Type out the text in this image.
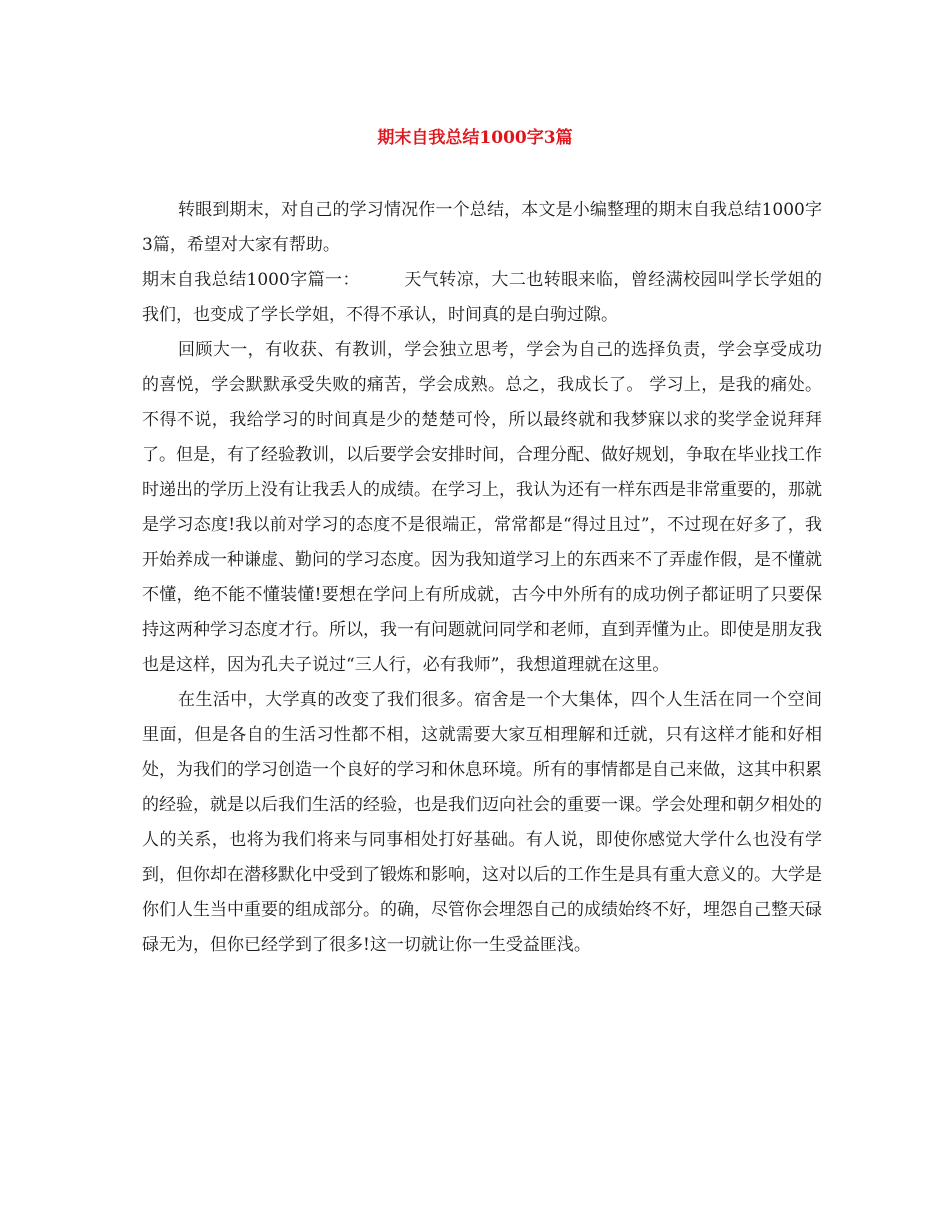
期末自我总结1000字3篇

转眼到期末，对自己的学习情况作一个总结，本文是小编整理的期末自我总结1000字3篇，希望对大家有帮助。

期末自我总结1000字篇一：	天气转凉，大二也转眼来临，曾经满校园叫学长学姐的我们，也变成了学长学姐，不得不承认，时间真的是白驹过隙。

回顾大一，有收获、有教训，学会独立思考，学会为自己的选择负责，学会享受成功的喜悦，学会默默承受失败的痛苦，学会成熟。总之，我成长了。 学习上，是我的痛处。不得不说，我给学习的时间真是少的楚楚可怜，所以最终就和我梦寐以求的奖学金说拜拜了。但是，有了经验教训，以后要学会安排时间，合理分配、做好规划，争取在毕业找工作时递出的学历上没有让我丢人的成绩。在学习上，我认为还有一样东西是非常重要的，那就是学习态度!我以前对学习的态度不是很端正，常常都是“得过且过”，不过现在好多了，我开始养成一种谦虚、勤问的学习态度。因为我知道学习上的东西来不了弄虚作假，是不懂就不懂，绝不能不懂装懂!要想在学问上有所成就，古今中外所有的成功例子都证明了只要保持这两种学习态度才行。所以，我一有问题就问同学和老师，直到弄懂为止。即使是朋友我也是这样，因为孔夫子说过“三人行，必有我师”，我想道理就在这里。

在生活中，大学真的改变了我们很多。宿舍是一个大集体，四个人生活在同一个空间里面，但是各自的生活习性都不相，这就需要大家互相理解和迁就，只有这样才能和好相处，为我们的学习创造一个良好的学习和休息环境。所有的事情都是自己来做，这其中积累的经验，就是以后我们生活的经验，也是我们迈向社会的重要一课。学会处理和朝夕相处的人的关系，也将为我们将来与同事相处打好基础。有人说，即使你感觉大学什么也没有学到，但你却在潜移默化中受到了锻炼和影响，这对以后的工作生是具有重大意义的。大学是你们人生当中重要的组成部分。的确，尽管你会埋怨自己的成绩始终不好，埋怨自己整天碌碌无为，但你已经学到了很多!这一切就让你一生受益匪浅。
